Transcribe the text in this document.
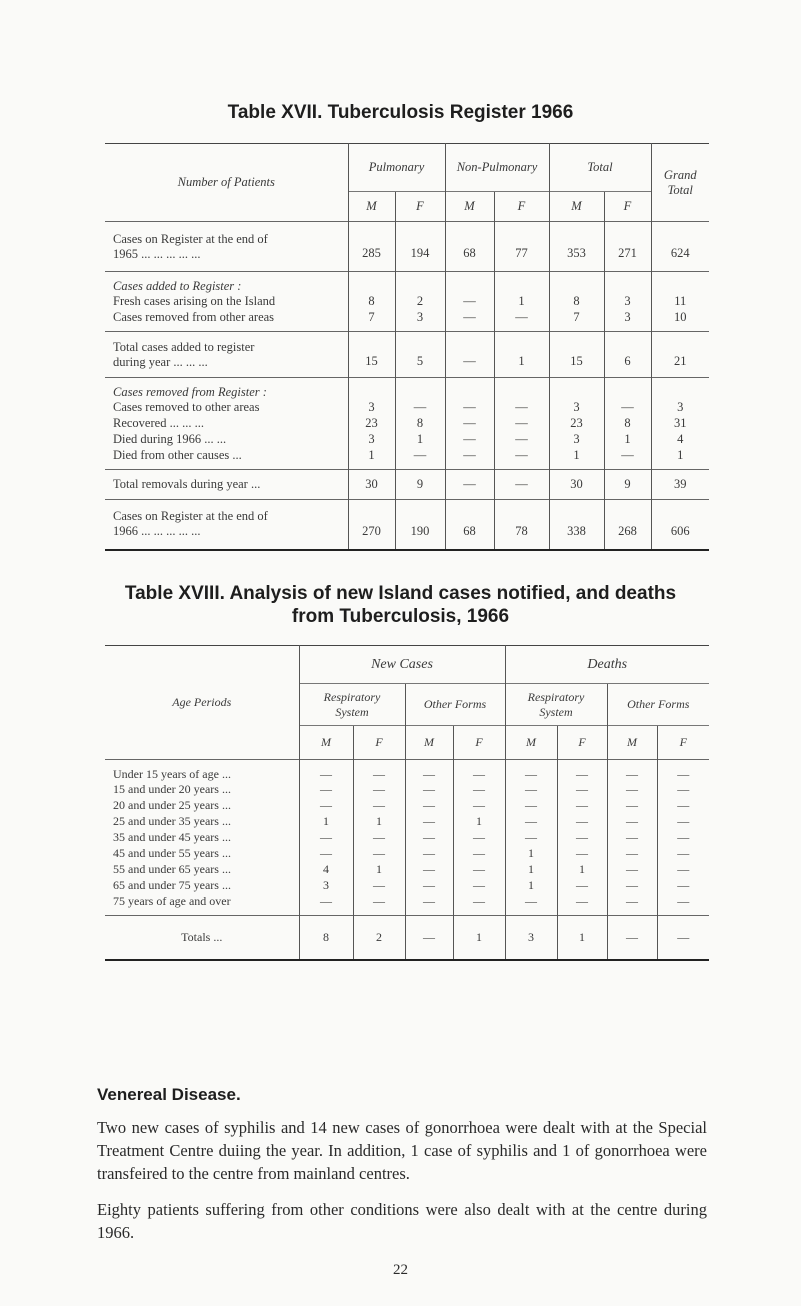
Table XVII. Tuberculosis Register 1966
Number of Patients	Pulmonary		Non-Pulmonary		Total		Grand Total
	M	F	M	F	M	F	

Cases on Register at the end of
1965 ... ... ... ... ...	285	194	68	77	353	271	624
Cases added to Register :							
Fresh cases arising on the Island	8	2	—	1	8	3	11
Cases removed from other areas	7	3	—	—	7	3	10

Total cases added to register
during year ... ... ...	15	5	—	1	15	6	21
Cases removed from Register :							
Cases removed to other areas	3	—	—	—	3	—	3
Recovered ... ... ...	23	8	—	—	23	8	31
Died during 1966 ... ...	3	1	—	—	3	1	4
Died from other causes ...	1	—	—	—	1	—	1
Total removals during year ...	30	9	—	—	30	9	39

Cases on Register at the end of
1966 ... ... ... ... ...	270	190	68	78	338	268	606
Table XVIII. Analysis of new Island cases notified, and deaths
from Tuberculosis, 1966
Age Periods	New Cases				Deaths			
	Respiratory System		Other Forms		Respiratory System		Other Forms	
	M	F	M	F	M	F	M	F
Under 15 years of age ...	—	—	—	—	—	—	—	—
15 and under 20 years ...	—	—	—	—	—	—	—	—
20 and under 25 years ...	—	—	—	—	—	—	—	—
25 and under 35 years ...	1	1	—	1	—	—	—	—
35 and under 45 years ...	—	—	—	—	—	—	—	—
45 and under 55 years ...	—	—	—	—	1	—	—	—
55 and under 65 years ...	4	1	—	—	1	1	—	—
65 and under 75 years ...	3	—	—	—	1	—	—	—
75 years of age and over	—	—	—	—	—	—	—	—
Totals ...	8	2	—	1	3	1	—	—
Venereal Disease.

Two new cases of syphilis and 14 new cases of gonorrhoea were dealt with at the Special Treatment Centre duiing the year. In addition, 1 case of syphilis and 1 of gonorrhoea were transfeired to the centre from mainland centres.

Eighty patients suffering from other conditions were also dealt with at the centre during 1966.

22
